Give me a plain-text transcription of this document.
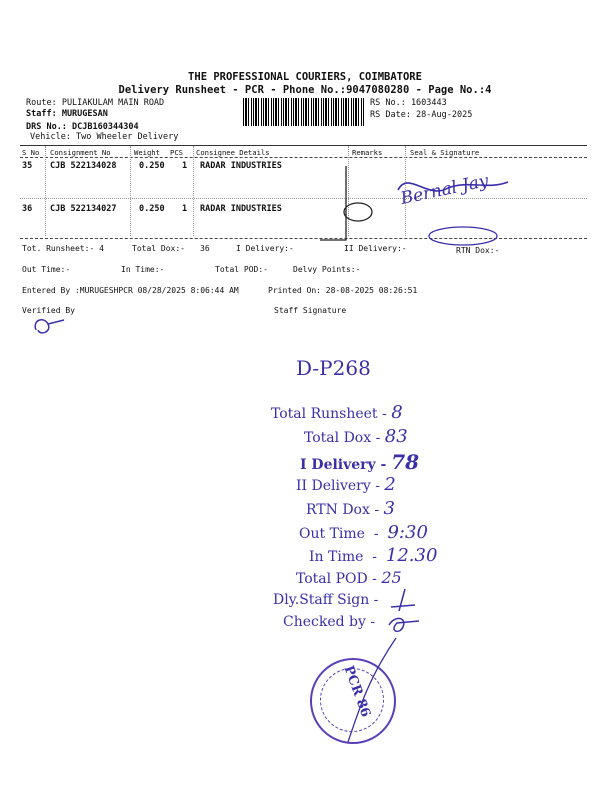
THE PROFESSIONAL COURIERS, COIMBATORE
Delivery Runsheet - PCR - Phone No.:9047080280 - Page No.:4
Route: PULIAKULAM MAIN ROAD
Staff: MURUGESAN
DRS No.: DCJB160344304
Vehicle: Two Wheeler Delivery
RS No.: 1603443
RS Date: 28-Aug-2025
S No Consignment No	Weight PCS Consignee Details	Remarks	Seal & Signature
35 CJB 522134028	0.250 1 RADAR INDUSTRIES
36 CJB 522134027	0.250 1 RADAR INDUSTRIES
Tot. Runsheet:- 4	Total Dox:- 36	I Delivery:-	II Delivery:-	RTN Dox:-
Out Time:-	In Time:-	Total POD:-	Delvy Points:-
Entered By :MURUGESHPCR 08/28/2025 8:06:44 AM	Printed On: 28-08-2025 08:26:51
Verified By	Staff Signature
Bernal Jay
D-P268
Total Runsheet - 8
Total Dox - 83
I Delivery - 78
II Delivery - 2
RTN Dox - 3
Out Time  -  9:30
In Time  -  12.30
Total POD - 25
Dly.Staff Sign -
Checked by -
PCR 86
